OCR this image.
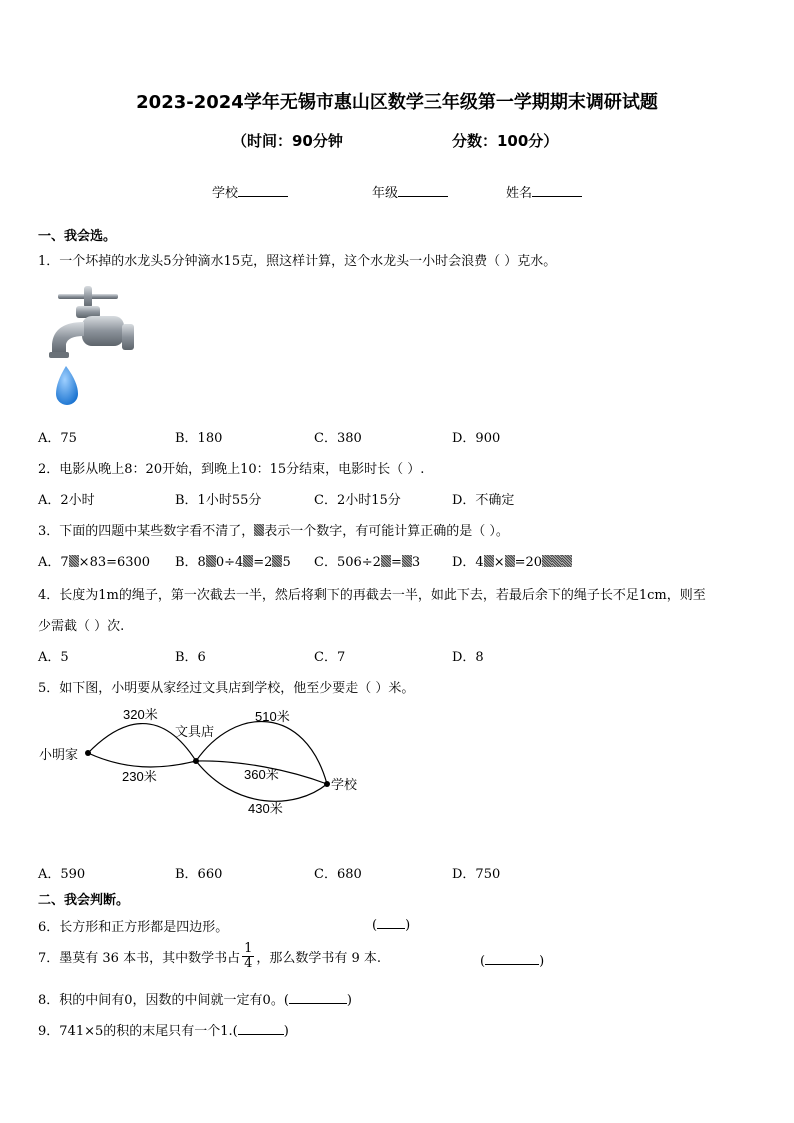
2023-2024学年无锡市惠山区数学三年级第一学期期末调研试题
（时间：90分钟	分数：100分）
学校	年级	姓名
一、我会选。
1．一个坏掉的水龙头5分钟滴水15克，照这样计算，这个水龙头一小时会浪费（ ）克水。
A．75	B．180	C．380	D．900
2．电影从晚上8：20开始，到晚上10：15分结束，电影时长（ ）.
A．2小时	B．1小时55分	C．2小时15分	D．不确定
3．下面的四题中某些数字看不清了， 表示一个数字，有可能计算正确的是（ ）。
A．7 ×83=6300 B．8 0÷4 =2 5 C．506÷2 = 3 D．4 × =20
4．长度为1m的绳子，第一次截去一半，然后将剩下的再截去一半，如此下去，若最后余下的绳子长不足1cm，则至
少需截（ ）次.
A．5	B．6	C．7	D．8
5．如下图，小明要从家经过文具店到学校，他至少要走（ ）米。
小明家
文具店
学校
320米
230米
510米
360米
430米
A．590	B．660	C．680	D．750
二、我会判断。
6．长方形和正方形都是四边形。	( )
7．墨莫有 36 本书，其中数学书占 $\frac{1}{4}$ ，那么数学书有 9 本.	(	)
8．积的中间有0，因数的中间就一定有0。(	)
9．741×5的积的末尾只有一个1.(	)
